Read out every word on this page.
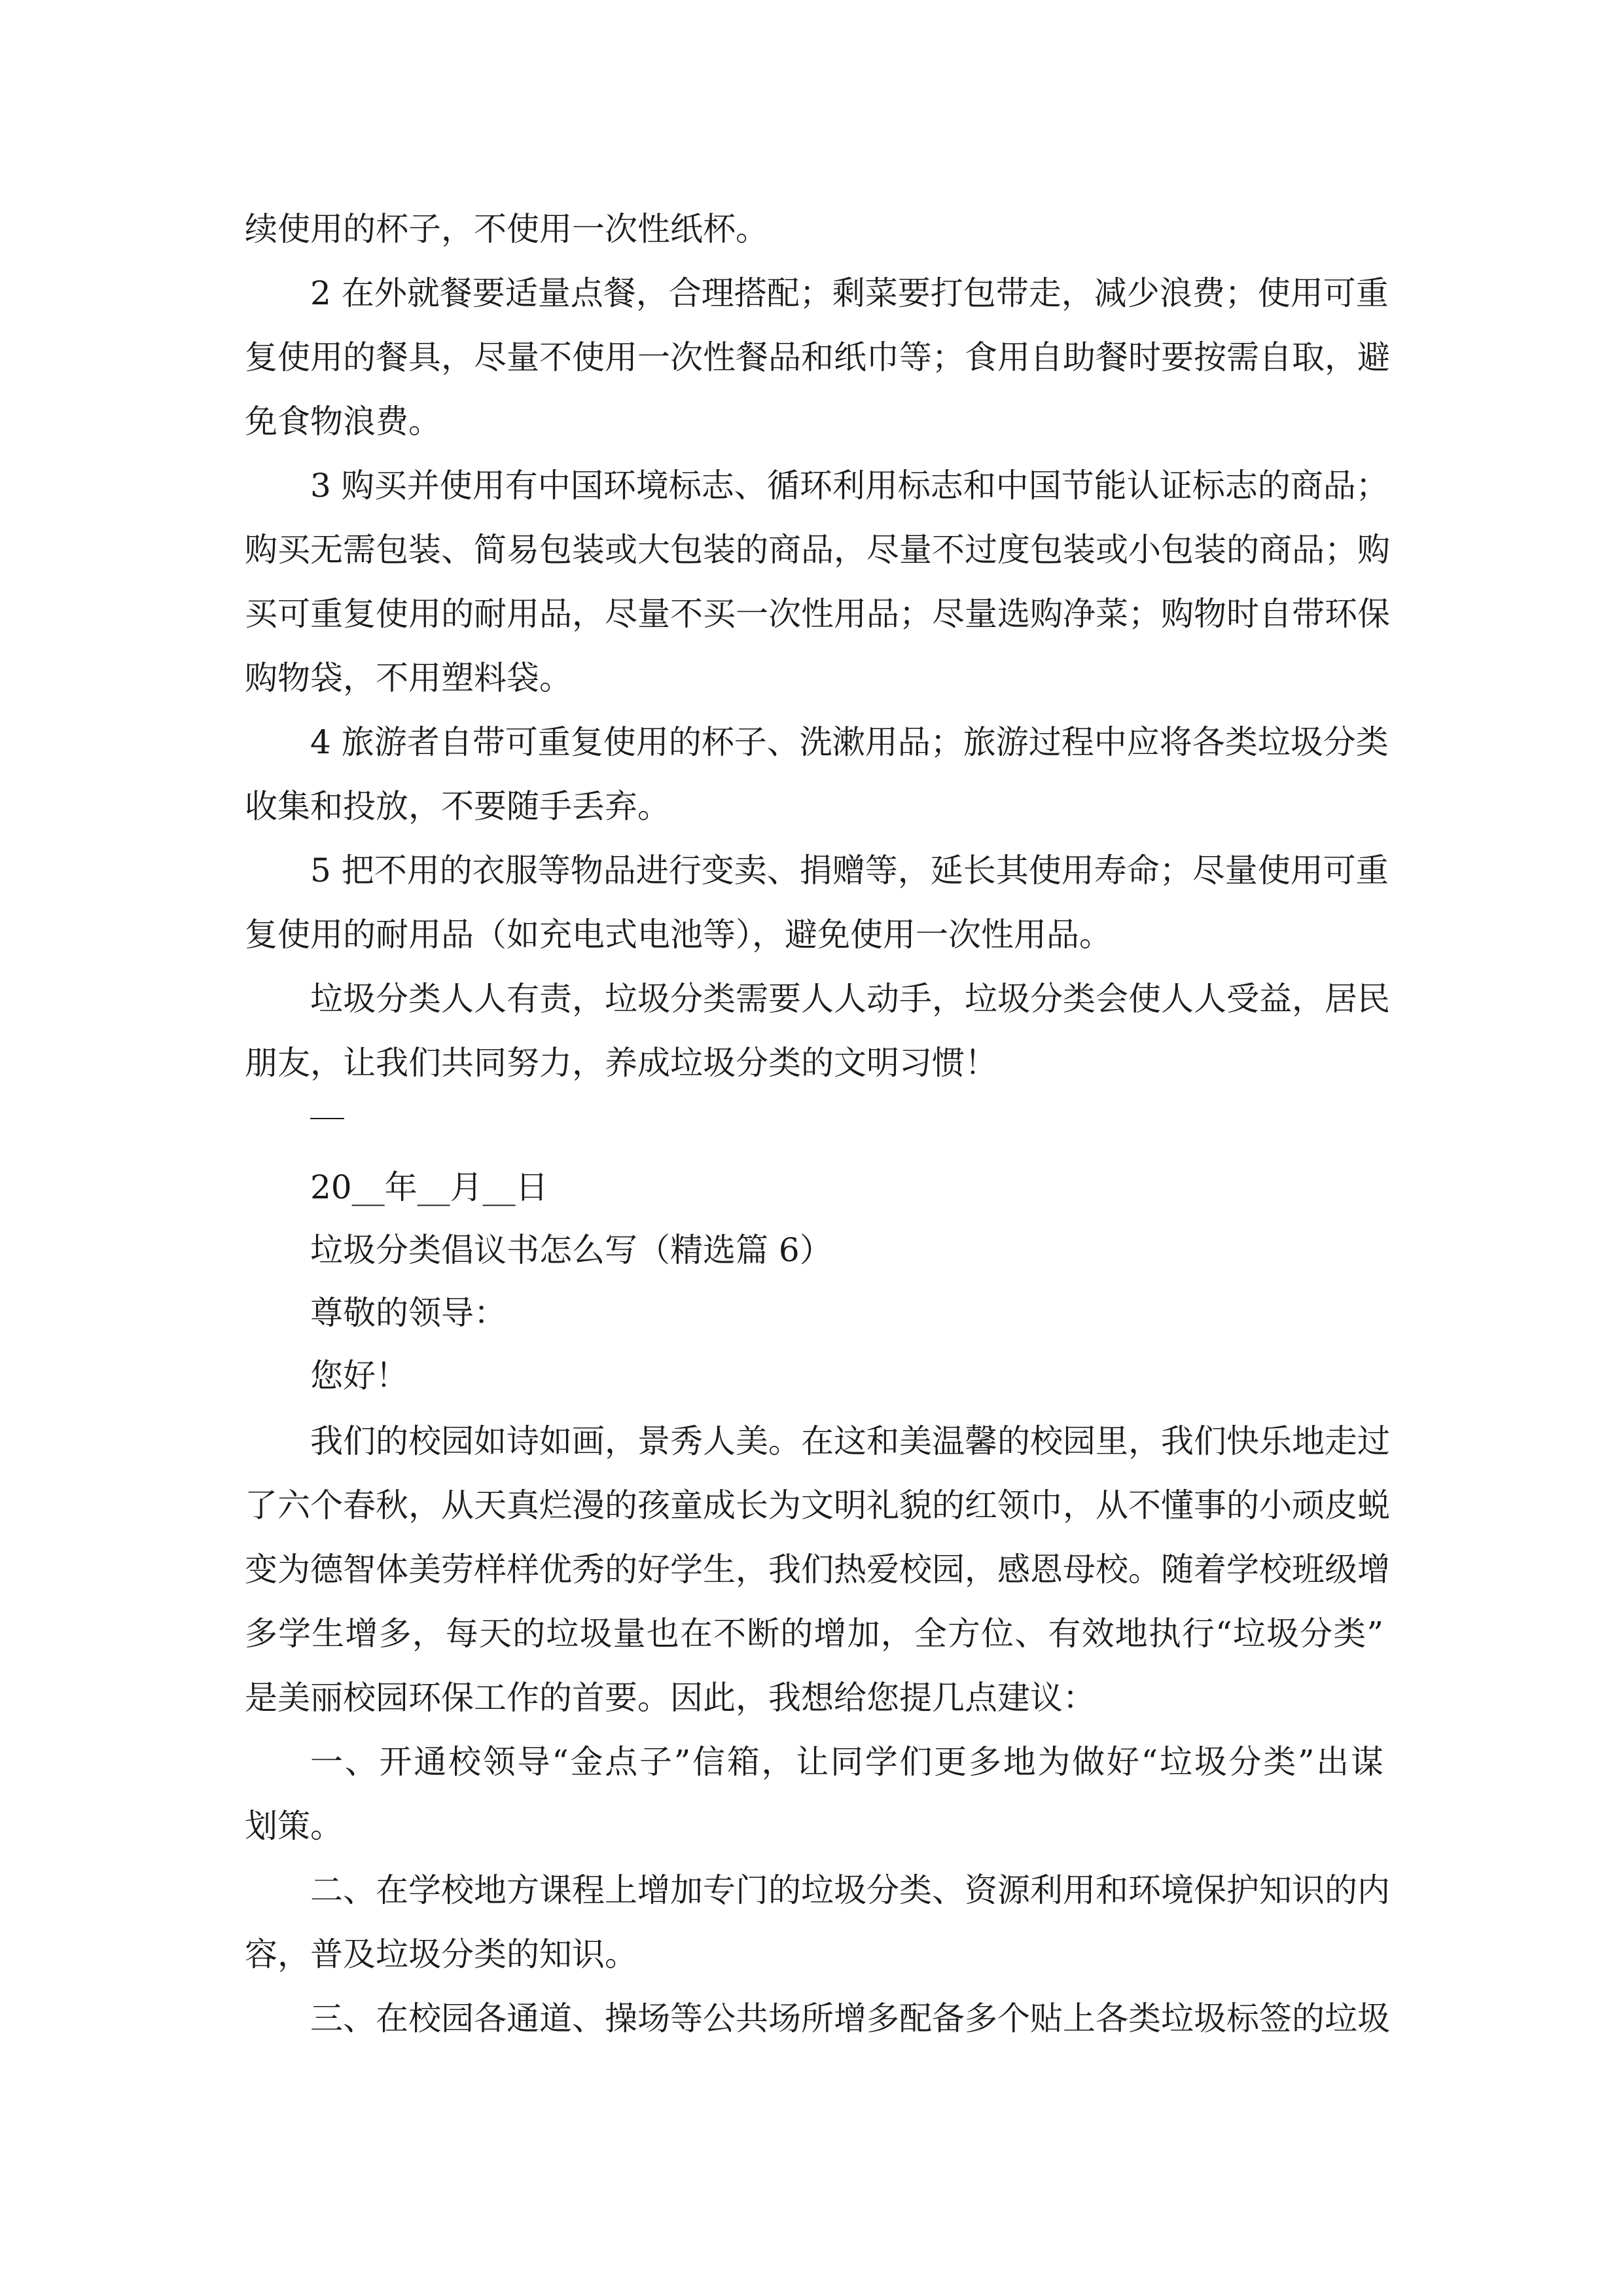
续使用的杯子，不使用一次性纸杯。
2 在外就餐要适量点餐，合理搭配；剩菜要打包带走，减少浪费；使用可重
复使用的餐具，尽量不使用一次性餐品和纸巾等；食用自助餐时要按需自取，避
免食物浪费。
3 购买并使用有中国环境标志、循环利用标志和中国节能认证标志的商品；
购买无需包装、简易包装或大包装的商品，尽量不过度包装或小包装的商品；购
买可重复使用的耐用品，尽量不买一次性用品；尽量选购净菜；购物时自带环保
购物袋，不用塑料袋。
4 旅游者自带可重复使用的杯子、洗漱用品；旅游过程中应将各类垃圾分类
收集和投放，不要随手丢弃。
5 把不用的衣服等物品进行变卖、捐赠等，延长其使用寿命；尽量使用可重
复使用的耐用品（如充电式电池等），避免使用一次性用品。
垃圾分类人人有责，垃圾分类需要人人动手，垃圾分类会使人人受益，居民
朋友，让我们共同努力，养成垃圾分类的文明习惯！
20__年__月__日
垃圾分类倡议书怎么写（精选篇 6）
尊敬的领导：
您好！
我们的校园如诗如画，景秀人美。在这和美温馨的校园里，我们快乐地走过
了六个春秋，从天真烂漫的孩童成长为文明礼貌的红领巾，从不懂事的小顽皮蜕
变为德智体美劳样样优秀的好学生，我们热爱校园，感恩母校。随着学校班级增
多学生增多，每天的垃圾量也在不断的增加，全方位、有效地执行“垃圾分类”
是美丽校园环保工作的首要。因此，我想给您提几点建议：
一、开通校领导“金点子”信箱，让同学们更多地为做好“垃圾分类”出谋
划策。
二、在学校地方课程上增加专门的垃圾分类、资源利用和环境保护知识的内
容，普及垃圾分类的知识。
三、在校园各通道、操场等公共场所增多配备多个贴上各类垃圾标签的垃圾
